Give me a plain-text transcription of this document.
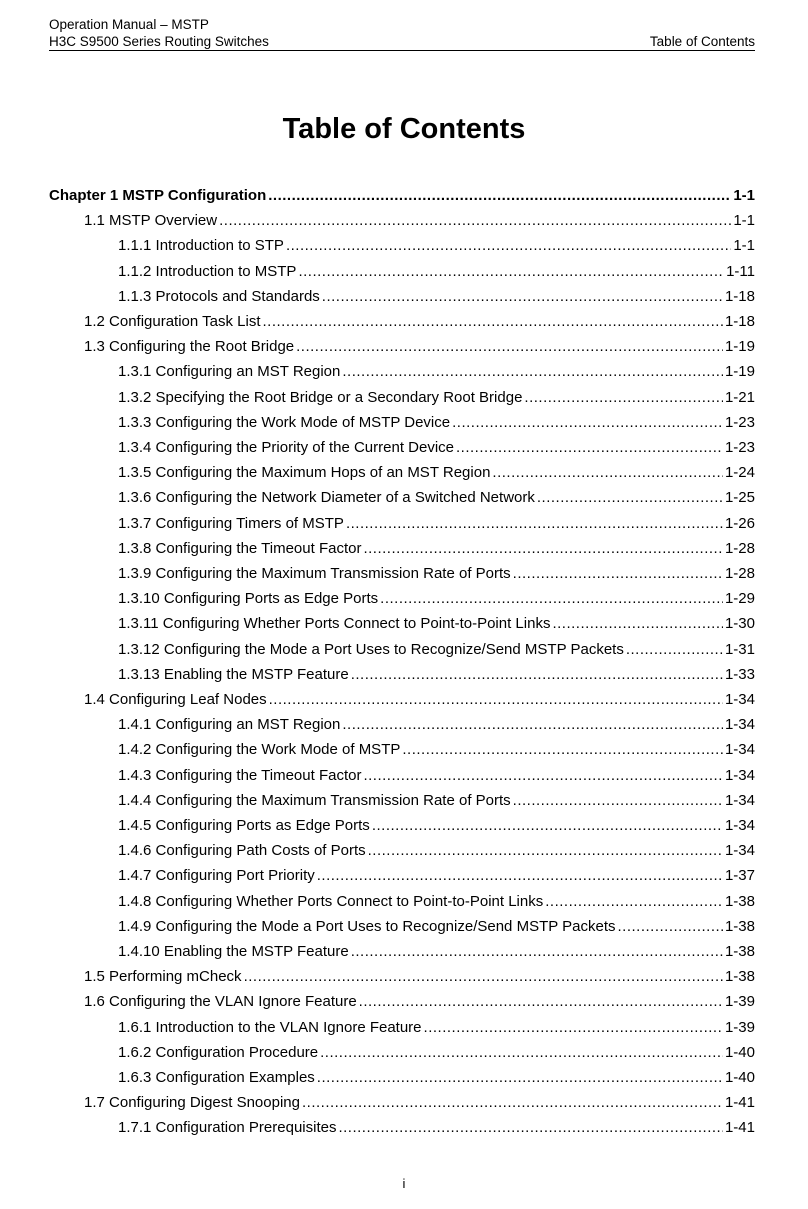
Operation Manual – MSTP
H3C S9500 Series Routing Switches	Table of Contents
Table of Contents
Chapter 1 MSTP Configuration .....	1-1
1.1 MSTP Overview .....	1-1
1.1.1 Introduction to STP .....	1-1
1.1.2 Introduction to MSTP .....	1-11
1.1.3 Protocols and Standards .....	1-18
1.2 Configuration Task List .....	1-18
1.3 Configuring the Root Bridge .....	1-19
1.3.1 Configuring an MST Region .....	1-19
1.3.2 Specifying the Root Bridge or a Secondary Root Bridge .....	1-21
1.3.3 Configuring the Work Mode of MSTP Device .....	1-23
1.3.4 Configuring the Priority of the Current Device .....	1-23
1.3.5 Configuring the Maximum Hops of an MST Region .....	1-24
1.3.6 Configuring the Network Diameter of a Switched Network .....	1-25
1.3.7 Configuring Timers of MSTP .....	1-26
1.3.8 Configuring the Timeout Factor .....	1-28
1.3.9 Configuring the Maximum Transmission Rate of Ports .....	1-28
1.3.10 Configuring Ports as Edge Ports .....	1-29
1.3.11 Configuring Whether Ports Connect to Point-to-Point Links .....	1-30
1.3.12 Configuring the Mode a Port Uses to Recognize/Send MSTP Packets .....	1-31
1.3.13 Enabling the MSTP Feature .....	1-33
1.4 Configuring Leaf Nodes .....	1-34
1.4.1 Configuring an MST Region .....	1-34
1.4.2 Configuring the Work Mode of MSTP .....	1-34
1.4.3 Configuring the Timeout Factor .....	1-34
1.4.4 Configuring the Maximum Transmission Rate of Ports .....	1-34
1.4.5 Configuring Ports as Edge Ports .....	1-34
1.4.6 Configuring Path Costs of Ports .....	1-34
1.4.7 Configuring Port Priority .....	1-37
1.4.8 Configuring Whether Ports Connect to Point-to-Point Links .....	1-38
1.4.9 Configuring the Mode a Port Uses to Recognize/Send MSTP Packets .....	1-38
1.4.10 Enabling the MSTP Feature .....	1-38
1.5 Performing mCheck .....	1-38
1.6 Configuring the VLAN Ignore Feature .....	1-39
1.6.1 Introduction to the VLAN Ignore Feature .....	1-39
1.6.2 Configuration Procedure .....	1-40
1.6.3 Configuration Examples .....	1-40
1.7 Configuring Digest Snooping .....	1-41
1.7.1 Configuration Prerequisites .....	1-41
i
